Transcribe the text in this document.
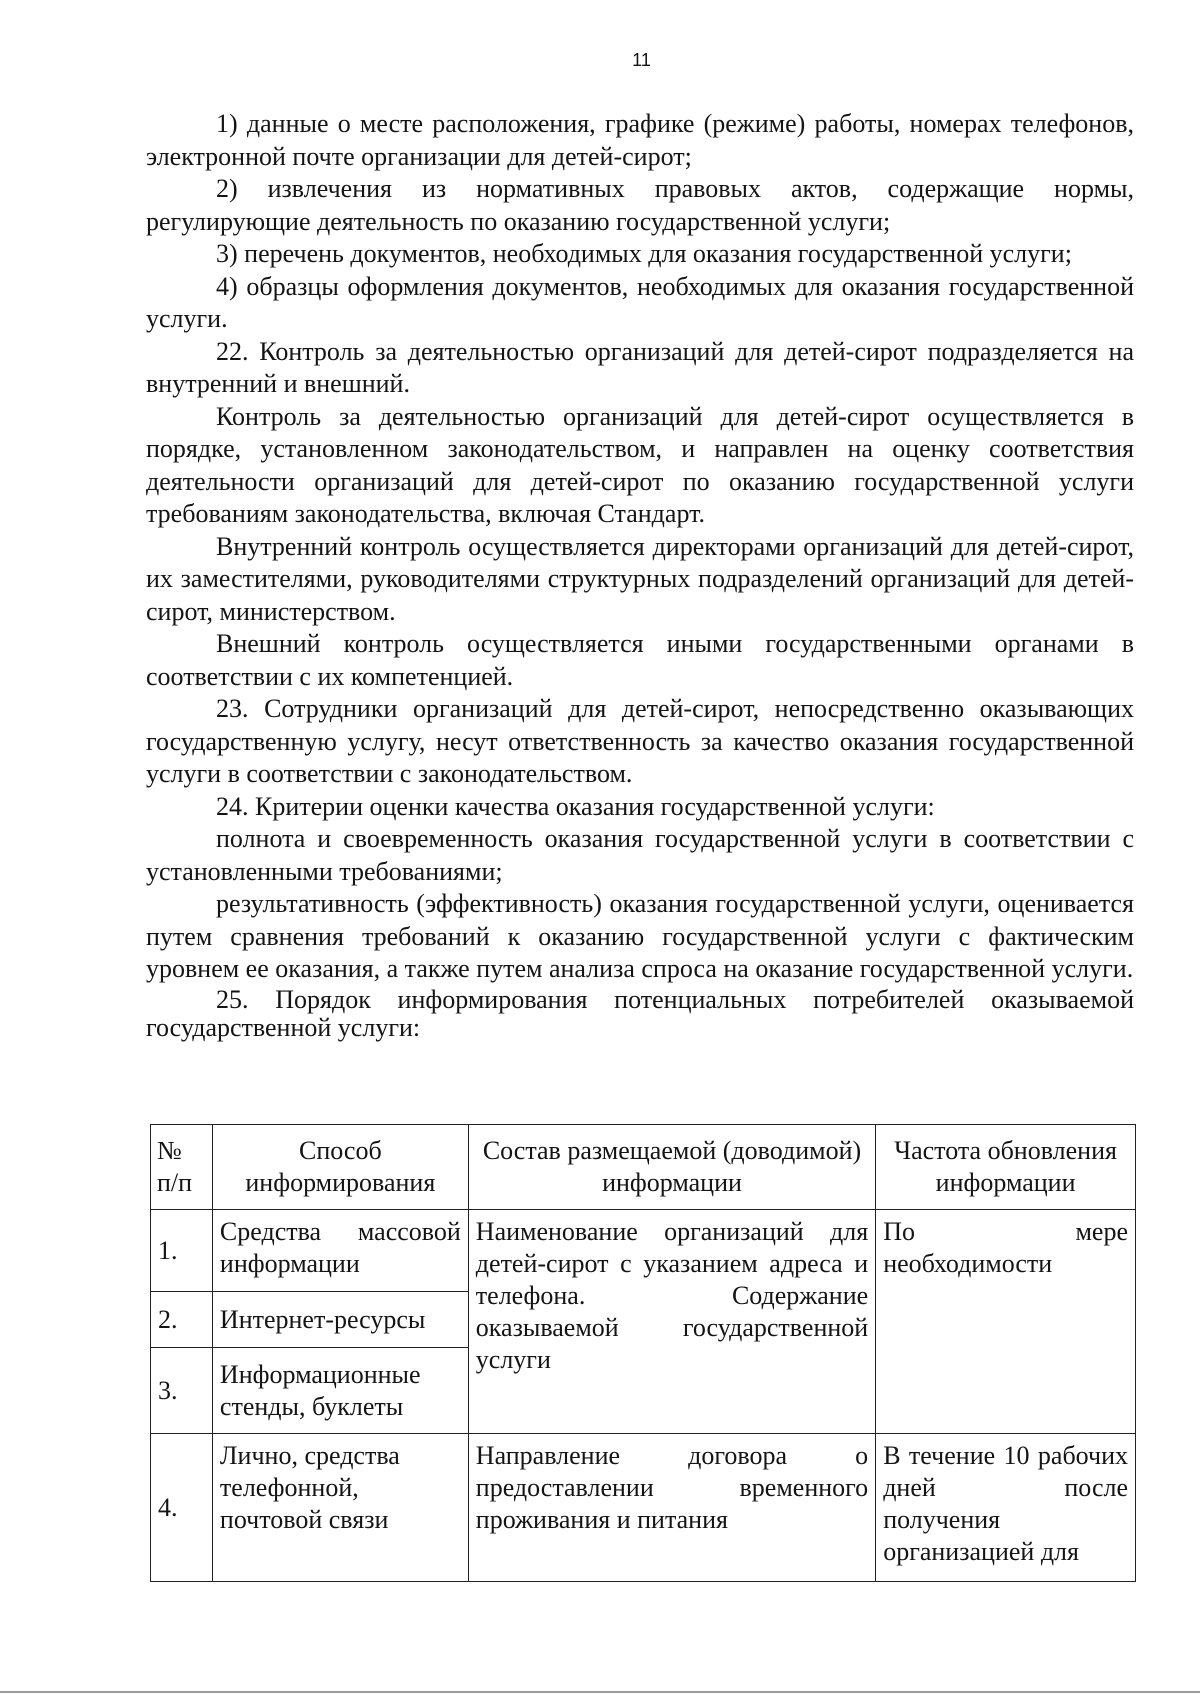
11

1) данные о месте расположения, графике (режиме) работы, номерах телефонов, электронной почте организации для детей-сирот;

2) извлечения из нормативных правовых актов, содержащие нормы, регулирующие деятельность по оказанию государственной услуги;

3) перечень документов, необходимых для оказания государственной услуги;

4) образцы оформления документов, необходимых для оказания государственной услуги.

22. Контроль за деятельностью организаций для детей-сирот подразделяется на внутренний и внешний.

Контроль за деятельностью организаций для детей-сирот осуществляется в порядке, установленном законодательством, и направлен на оценку соответствия деятельности организаций для детей-сирот по оказанию государственной услуги требованиям законодательства, включая Стандарт.

Внутренний контроль осуществляется директорами организаций для детей-сирот, их заместителями, руководителями структурных подразделений организаций для детей-сирот, министерством.

Внешний контроль осуществляется иными государственными органами в соответствии с их компетенцией.

23. Сотрудники организаций для детей-сирот, непосредственно оказывающих государственную услугу, несут ответственность за качество оказания государственной услуги в соответствии с законодательством.

24. Критерии оценки качества оказания государственной услуги:

полнота и своевременность оказания государственной услуги в соответствии с установленными требованиями;

результативность (эффективность) оказания государственной услуги, оценивается путем сравнения требований к оказанию государственной услуги с фактическим уровнем ее оказания, а также путем анализа спроса на оказание государственной услуги.

25. Порядок информирования потенциальных потребителей оказываемой государственной услуги:

№ п/п	Способ информирования	Состав размещаемой (доводимой) информации	Частота обновления информации
1.	Средства массовой информации	Наименование организаций для детей-сирот с указанием адреса и телефона. Содержание оказываемой государственной услуги	По мере необходимости
2.	Интернет-ресурсы		
3.	Информационные стенды, буклеты		
4.	Лично, средства телефонной, почтовой связи	Направление договора о предоставлении временного проживания и питания	В течение 10 рабочих дней после получения организацией для
